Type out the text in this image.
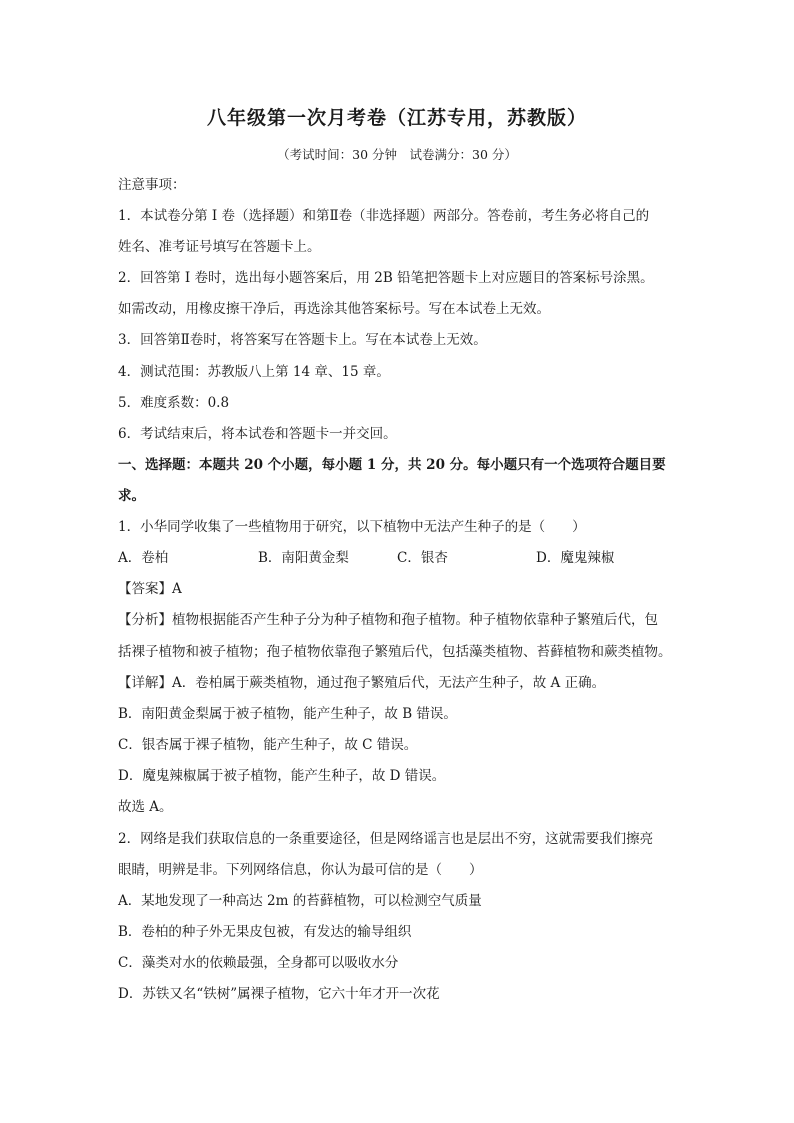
八年级第一次月考卷（江苏专用，苏教版）
（考试时间：30 分钟　试卷满分：30 分）
注意事项：
1．本试卷分第 I 卷（选择题）和第Ⅱ卷（非选择题）两部分。答卷前，考生务必将自己的
姓名、准考证号填写在答题卡上。
2．回答第 I 卷时，选出每小题答案后，用 2B 铅笔把答题卡上对应题目的答案标号涂黑。
如需改动，用橡皮擦干净后，再选涂其他答案标号。写在本试卷上无效。
3．回答第Ⅱ卷时，将答案写在答题卡上。写在本试卷上无效。
4．测试范围：苏教版八上第 14 章、15 章。
5．难度系数：0.8
6．考试结束后，将本试卷和答题卡一并交回。
一、选择题：本题共 20 个小题，每小题 1 分，共 20 分。每小题只有一个选项符合题目要
求。
1．小华同学收集了一些植物用于研究，以下植物中无法产生种子的是（　　）
A．卷柏	B．南阳黄金梨	C．银杏	D．魔鬼辣椒
【答案】A
【分析】植物根据能否产生种子分为种子植物和孢子植物。种子植物依靠种子繁殖后代，包
括裸子植物和被子植物；孢子植物依靠孢子繁殖后代，包括藻类植物、苔藓植物和蕨类植物。
【详解】A．卷柏属于蕨类植物，通过孢子繁殖后代，无法产生种子，故 A 正确。
B．南阳黄金梨属于被子植物，能产生种子，故 B 错误。
C．银杏属于裸子植物，能产生种子，故 C 错误。
D．魔鬼辣椒属于被子植物，能产生种子，故 D 错误。
故选 A。
2．网络是我们获取信息的一条重要途径，但是网络谣言也是层出不穷，这就需要我们擦亮
眼睛，明辨是非。下列网络信息，你认为最可信的是（　　）
A．某地发现了一种高达 2m 的苔藓植物，可以检测空气质量
B．卷柏的种子外无果皮包被，有发达的输导组织
C．藻类对水的依赖最强，全身都可以吸收水分
D．苏铁又名“铁树”属裸子植物，它六十年才开一次花
